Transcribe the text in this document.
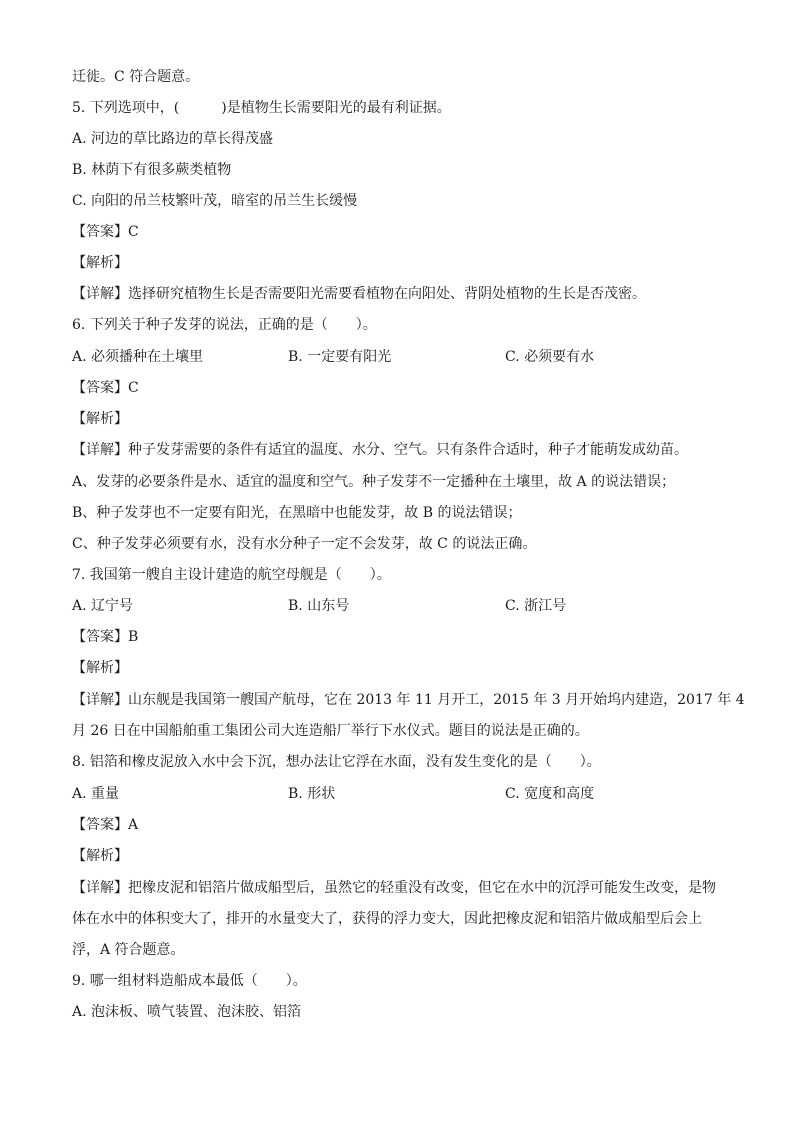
迁徙。C 符合题意。
5. 下列选项中，(　　　)是植物生长需要阳光的最有利证据。
A. 河边的草比路边的草长得茂盛
B. 林荫下有很多蕨类植物
C. 向阳的吊兰枝繁叶茂，暗室的吊兰生长缓慢
【答案】C
【解析】
【详解】选择研究植物生长是否需要阳光需要看植物在向阳处、背阴处植物的生长是否茂密。
6. 下列关于种子发芽的说法，正确的是（　　）。
A. 必须播种在土壤里	B. 一定要有阳光	C. 必须要有水
【答案】C
【解析】
【详解】种子发芽需要的条件有适宜的温度、水分、空气。只有条件合适时，种子才能萌发成幼苗。
A、发芽的必要条件是水、适宜的温度和空气。种子发芽不一定播种在土壤里，故 A 的说法错误；
B、种子发芽也不一定要有阳光，在黑暗中也能发芽，故 B 的说法错误；
C、种子发芽必须要有水，没有水分种子一定不会发芽，故 C 的说法正确。
7. 我国第一艘自主设计建造的航空母舰是（　　）。
A. 辽宁号	B. 山东号	C. 浙江号
【答案】B
【解析】
【详解】山东舰是我国第一艘国产航母，它在 2013 年 11 月开工，2015 年 3 月开始坞内建造，2017 年 4
月 26 日在中国船舶重工集团公司大连造船厂举行下水仪式。题目的说法是正确的。
8. 铝箔和橡皮泥放入水中会下沉，想办法让它浮在水面，没有发生变化的是（　　）。
A. 重量	B. 形状	C. 宽度和高度
【答案】A
【解析】
【详解】把橡皮泥和铝箔片做成船型后，虽然它的轻重没有改变，但它在水中的沉浮可能发生改变，是物
体在水中的体积变大了，排开的水量变大了，获得的浮力变大，因此把橡皮泥和铝箔片做成船型后会上
浮，A 符合题意。
9. 哪一组材料造船成本最低（　　）。
A. 泡沫板、喷气装置、泡沫胶、铝箔
